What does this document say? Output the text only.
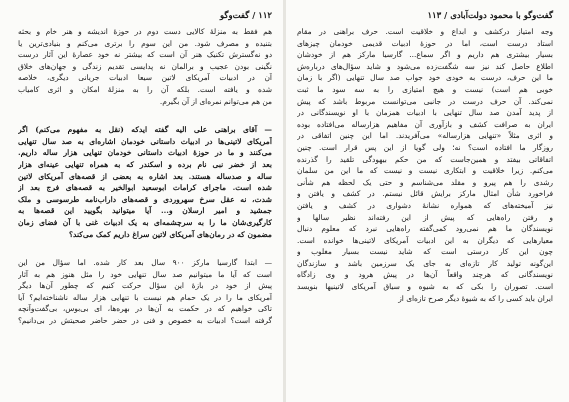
۱۱۲ / گفت‌وگو
هم فقط به منزلهٔ کالایی دست دوم در حوزهٔ اندیشه و هنر خام و بحثه
بتنیده و مصرف شود. من این سوم را برتری می‌کنم و بنیادی‌ترین یا
دو نه‌گسترش تکنیک هنر آن است که بیشتر نه خود عصارهٔ این آثار درست
نگینی بودن عجیب و برالمان نه پدایسی تقدیم زندگی و جهان‌های خلاق
آن در ادبیات آمریکای لاتین سیعا ادبیات جریانی دیگری، خلاصه
شده و یافته است. بلکه آن را به منزلهٔ امکان و اثری کامیاب
من هم می‌توانم نمره‌ای از آن بگیرم.
— آقای براهنی علی الیه گفته ایدکه (نقل به مفهوم می‌کنم) اگر
آمریکای لاتینی‌ها در ادبیات داستانی خودمان اشاره‌ای به صد سال تنهایی
می‌کنند و ما در حوزهٔ ادبیات داستانی خودمان تنهایی هزار ساله داریم.
بعد از خضر نبی نام برده و اسکندر که به همراه تنهایی عینه‌ای هزار
ساله و صدساله هستند. بعد اشاره به بعضی از قصه‌های آمریکای لاتین
شده است. ماجرای کرامات ابوسعید ابوالخیر به قصه‌های فرج بعد از
شدت، نه عقل سرخ سهروردی و قصه‌های داراب‌نامه طرسوسی و ملک
جمشید و امیر ارسلان و... آیا میتوانید بگویید این قصه‌ها به
کارگیری‌شان ما را به سرچشمه‌ای به یک ادبیات غنی با آن فضای زمان
مضمون که در رمان‌های آمریکای لاتین سراغ داریم کمک می‌کند؟
— ابتدا گارسیا مارکز ۹۰۰ سال بعد کار شده. اما سؤال من این
است که آیا ما میتوانیم صد سال تنهایی خود را مثل هنوز هم به آثار
پیش از خود در بازهٔ این سؤال حرکت کنیم که چطور آن‌ها دیگر
آمریکای ما را در یک حمام هم نیست با تنهایی هزار ساله ناشناخته‌ایم؟ آیا
تاکی خواهیم که در حکمت به آن‌ها در بهره‌ها، ای بی‌بوس، بی‌گفت‌وآنچه
گرفته است؟ ادبیات به خصوص و فنی در حضر حاضر صحیتش در بی‌دانیم؟
گفت‌وگو با محمود دولت‌آبادی / ۱۱۳
وجه امتیاز درکشف و ابداع و خلاقیت است. حرف براهنی در مقام
استاد درست است، اما در حوزهٔ ادبیات قدیمی خودمان چیزهای
بسیار بیشتری هم داریم و اگر سماع... گارسیا مارکز هم از خودشان
اطلاع حاصل کند نیز سه شگفت‌زده می‌شود و شاید سؤال‌های درباره‌ش
ما این حرف، درست به خودی خود جواب صد سال تنهایی (اگر با زمان
خوبی هم است) نیست و هیچ امتیازی را به سه سود ما ثبت
نمی‌کند. آن حرف درست در جانبی می‌توانست مربوط باشد که پیش
از پدید آمدن صد سال تنهایی با ادبیات همزمان با او نویسندگانی در
ایران به صرافت کشف و بازآوری آن مفاهیم هزارساله می‌افتاده بوده
و اثری مثلاً «تنهایی هزارساله» می‌آفریدند. اما این چنین اتفاقی در
روزگار ما افتاده است؟ نه؛ ولی گویا از این پس قرار است. چنین
اتفاقاتی بیفتد و همین‌جاست که من حکم بیهودگی تلقید را گذرنده
می‌کنم. زیرا خلاقیت و ابتکاری نیست و نیست که ما این من سلمان
رشدی را هم پیرو و مقلد می‌شناسم و حتی یک لحظه هم شأنی
فراخورد شأن امثال مارکز برایش قائل نیستم. در کشف و یافتن و
نیز آمیخته‌های که همواره نشانهٔ دشواری در کشف و یافتن
و رفتن راه‌هایی که پیش از این رفته‌اند نظیر سالها و
نویسندگان ما هم نمی‌رود کمی‌گفته راه‌هایی نبرد که معلوم دنبال
معیارهایی که دیگران به این ادبیات آمریکای لاتینی‌ها خوانده است.
چون این کار درستی است که شاید نیست بسیار مغلوب و
این‌گونه تولید کار تازه‌ای به جای یک سرزمین باشد و سازندگان
نویسندگانی که هرچند واقعاً آن‌ها در پیش هرود و وی زادگاه
است. تصوران را بکی که به شیوه و سیاق آمریکای لاتینیها بنویسد
ایران باید کسی را که به شیوهٔ دیگر صرح تازه‌ای از
